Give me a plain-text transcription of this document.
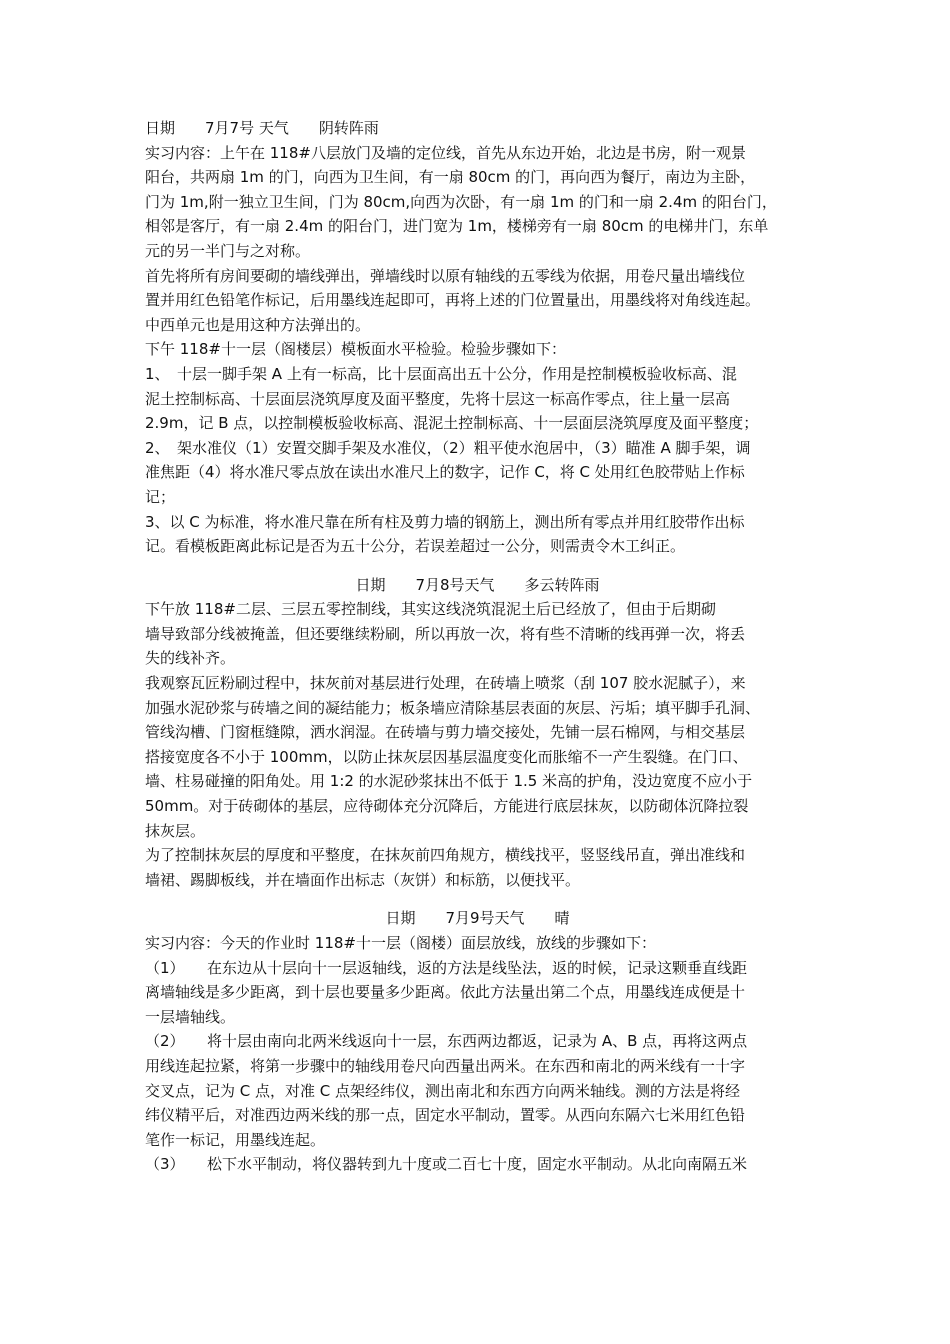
日期　　7月7号 天气　　阴转阵雨
实习内容：上午在 118#八层放门及墙的定位线，首先从东边开始，北边是书房，附一观景
阳台，共两扇 1m 的门，向西为卫生间，有一扇 80cm 的门，再向西为餐厅，南边为主卧，
门为 1m,附一独立卫生间，门为 80cm,向西为次卧，有一扇 1m 的门和一扇 2.4m 的阳台门，
相邻是客厅，有一扇 2.4m 的阳台门，进门宽为 1m，楼梯旁有一扇 80cm 的电梯井门，东单
元的另一半门与之对称。
首先将所有房间要砌的墙线弹出，弹墙线时以原有轴线的五零线为依据，用卷尺量出墙线位
置并用红色铅笔作标记，后用墨线连起即可，再将上述的门位置量出，用墨线将对角线连起。
中西单元也是用这种方法弹出的。
下午 118#十一层（阁楼层）模板面水平检验。检验步骤如下：
1、　十层一脚手架 A 上有一标高，比十层面高出五十公分，作用是控制模板验收标高、混
泥土控制标高、十层面层浇筑厚度及面平整度，先将十层这一标高作零点，往上量一层高
2.9m，记 B 点，以控制模板验收标高、混泥土控制标高、十一层面层浇筑厚度及面平整度；
2、　架水准仪（1）安置交脚手架及水准仪，（2）粗平使水泡居中，（3）瞄准 A 脚手架，调
准焦距（4）将水准尺零点放在读出水准尺上的数字，记作 C，将 C 处用红色胶带贴上作标
记；
3、以 C 为标准，将水准尺靠在所有柱及剪力墙的钢筋上，测出所有零点并用红胶带作出标
记。看模板距离此标记是否为五十公分，若误差超过一公分，则需责令木工纠正。
日期　　7月8号天气　　多云转阵雨
下午放 118#二层、三层五零控制线，其实这线浇筑混泥土后已经放了，但由于后期砌
墙导致部分线被掩盖，但还要继续粉刷，所以再放一次，将有些不清晰的线再弹一次，将丢
失的线补齐。
我观察瓦匠粉刷过程中，抹灰前对基层进行处理，在砖墙上喷浆（刮 107 胶水泥腻子），来
加强水泥砂浆与砖墙之间的凝结能力；板条墙应清除基层表面的灰层、污垢；填平脚手孔洞、
管线沟槽、门窗框缝隙，洒水润湿。在砖墙与剪力墙交接处，先铺一层石棉网，与相交基层
搭接宽度各不小于 100mm，以防止抹灰层因基层温度变化而胀缩不一产生裂缝。在门口、
墙、柱易碰撞的阳角处。用 1:2 的水泥砂浆抹出不低于 1.5 米高的护角，没边宽度不应小于
50mm。对于砖砌体的基层，应待砌体充分沉降后，方能进行底层抹灰，以防砌体沉降拉裂
抹灰层。
为了控制抹灰层的厚度和平整度，在抹灰前四角规方，横线找平，竖竖线吊直，弹出准线和
墙裙、踢脚板线，并在墙面作出标志（灰饼）和标筋，以便找平。
日期　　7月9号天气　　晴
实习内容：今天的作业时 118#十一层（阁楼）面层放线，放线的步骤如下：
（1）　　在东边从十层向十一层返轴线，返的方法是线坠法，返的时候，记录这颗垂直线距
离墙轴线是多少距离，到十层也要量多少距离。依此方法量出第二个点，用墨线连成便是十
一层墙轴线。
（2）　　将十层由南向北两米线返向十一层，东西两边都返，记录为 A、B 点，再将这两点
用线连起拉紧，将第一步骤中的轴线用卷尺向西量出两米。在东西和南北的两米线有一十字
交叉点，记为 C 点，对准 C 点架经纬仪，测出南北和东西方向两米轴线。测的方法是将经
纬仪精平后，对准西边两米线的那一点，固定水平制动，置零。从西向东隔六七米用红色铅
笔作一标记，用墨线连起。
（3）　　松下水平制动，将仪器转到九十度或二百七十度，固定水平制动。从北向南隔五米
